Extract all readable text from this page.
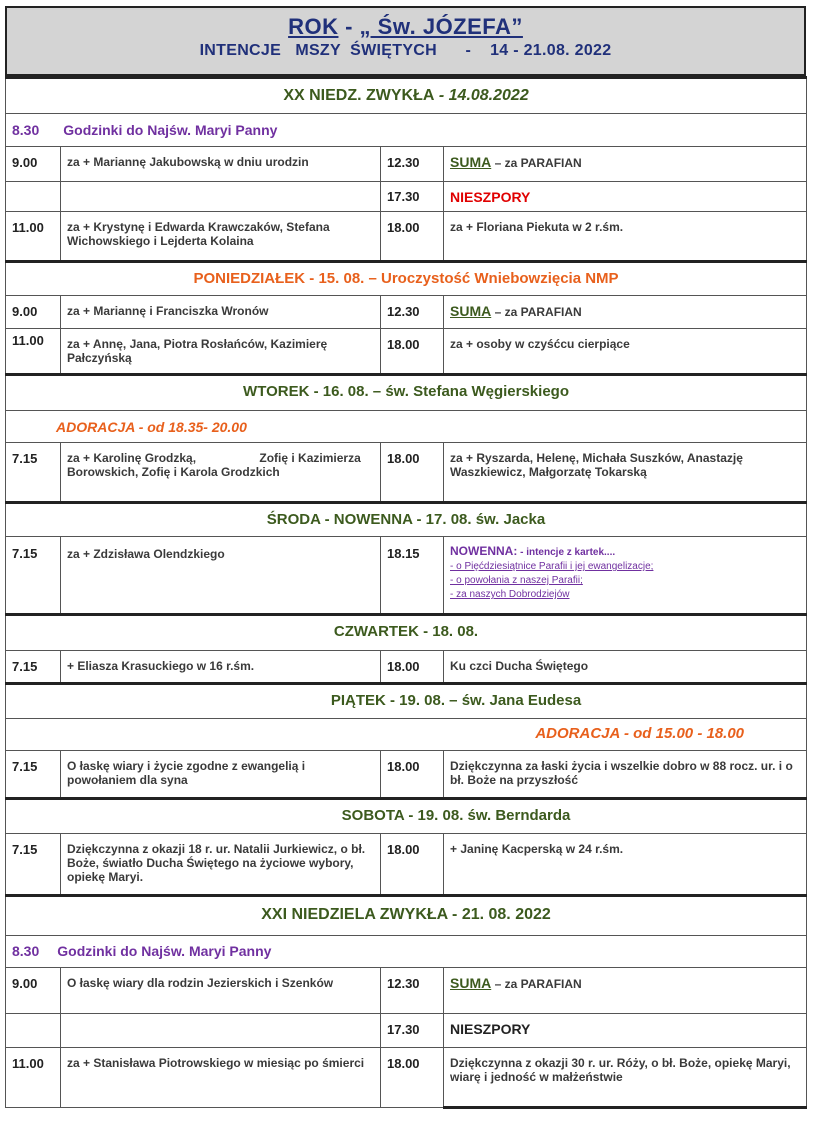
ROK - „ Św. JÓZEFA”
INTENCJE   MSZY  ŚWIĘTYCH      -    14 - 21.08. 2022
XX NIEDZ. ZWYKŁA - 14.08.2022			
8.30 Godzinki do Najśw. Maryi Panny			
9.00	za + Mariannę Jakubowską w dniu urodzin	12.30	SUMA – za PARAFIAN
		17.30	NIESZPORY
11.00	za + Krystynę i Edwarda Krawczaków, Stefana Wichowskiego i Lejderta Kolaina	18.00	za + Floriana Piekuta w 2 r.śm.
PONIEDZIAŁEK - 15. 08. – Uroczystość Wniebowzięcia NMP			
9.00	za + Mariannę i Franciszka Wronów	12.30	SUMA – za PARAFIAN
11.00	za + Annę, Jana, Piotra Rosłańców, Kazimierę Pałczyńską	18.00	za + osoby w czyśćcu cierpiące
WTOREK - 16. 08. – św. Stefana Węgierskiego			
ADORACJA - od 18.35- 20.00			
7.15	za + Karolinę Grodzką,                   Zofię i Kazimierza Borowskich, Zofię i Karola Grodzkich	18.00	za + Ryszarda, Helenę, Michała Suszków, Anastazję Waszkiewicz, Małgorzatę Tokarską
ŚRODA - NOWENNA - 17. 08. św. Jacka			
7.15	za + Zdzisława Olendzkiego	18.15	NOWENNA: - intencje z kartek....
- o Pięćdziesiątnice Parafii i jej ewangelizacje;
- o powołania z naszej Parafii;
- za naszych Dobrodziejów

CZWARTEK - 18. 08.			
7.15	+ Eliasza Krasuckiego w 16 r.śm.	18.00	Ku czci Ducha Świętego
PIĄTEK - 19. 08. – św. Jana Eudesa			
ADORACJA - od 15.00 - 18.00			
7.15	O łaskę wiary i życie zgodne z ewangelią i powołaniem dla syna	18.00	Dziękczynna za łaski życia i wszelkie dobro w 88 rocz. ur. i o bł. Boże na przyszłość
SOBOTA - 19. 08. św. Berndarda			
7.15	Dziękczynna z okazji 18 r. ur. Natalii Jurkiewicz, o bł. Boże, światło Ducha Świętego na życiowe wybory, opiekę Maryi.	18.00	+ Janinę Kacperską w 24 r.śm.
XXI NIEDZIELA ZWYKŁA - 21. 08. 2022			
8.30 Godzinki do Najśw. Maryi Panny			
9.00	O łaskę wiary dla rodzin Jezierskich i Szenków	12.30	SUMA – za PARAFIAN
		17.30	NIESZPORY
11.00	za + Stanisława Piotrowskiego w miesiąc po śmierci	18.00	Dziękczynna z okazji 30 r. ur. Róży, o bł. Boże, opiekę Maryi, wiarę i jedność w małżeństwie
